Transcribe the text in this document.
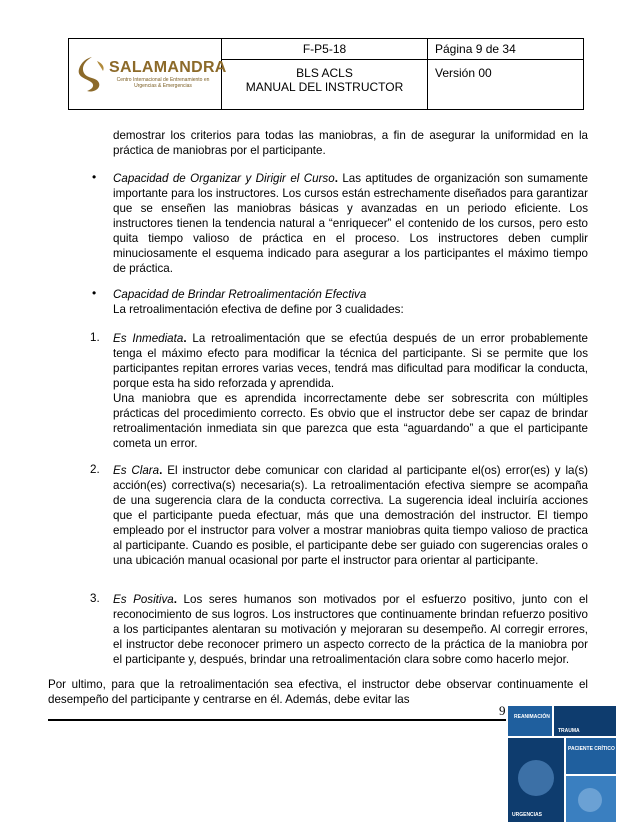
SALAMANDRA
Centro Internacional de Entrenamiento en Urgencias & Emergencias
F-P5-18	Página 9 de 34
BLS ACLS
MANUAL DEL INSTRUCTOR
Versión 00

demostrar los criterios para todas las maniobras, a fin de asegurar la uniformidad en la práctica de maniobras por el participante.

• Capacidad de Organizar y Dirigir el Curso. Las aptitudes de organización son sumamente importante para los instructores. Los cursos están estrechamente diseñados para garantizar que se enseñen las maniobras básicas y avanzadas en un periodo eficiente. Los instructores tienen la tendencia natural a “enriquecer” el contenido de los cursos, pero esto quita tiempo valioso de práctica en el proceso. Los instructores deben cumplir minuciosamente el esquema indicado para asegurar a los participantes el máximo tiempo de práctica.

• Capacidad de Brindar Retroalimentación Efectiva
La retroalimentación efectiva de define por 3 cualidades:

1. Es Inmediata. La retroalimentación que se efectúa después de un error probablemente tenga el máximo efecto para modificar la técnica del participante. Si se permite que los participantes repitan errores varias veces, tendrá mas dificultad para modificar la conducta, porque esta ha sido reforzada y aprendida.
Una maniobra que es aprendida incorrectamente debe ser sobrescrita con múltiples prácticas del procedimiento correcto. Es obvio que el instructor debe ser capaz de brindar retroalimentación inmediata sin que parezca que esta “aguardando” a que el participante cometa un error.

2. Es Clara. El instructor debe comunicar con claridad al participante el(os) error(es) y la(s) acción(es) correctiva(s) necesaria(s). La retroalimentación efectiva siempre se acompaña de una sugerencia clara de la conducta correctiva. La sugerencia ideal incluiría acciones que el participante pueda efectuar, más que una demostración del instructor. El tiempo empleado por el instructor para volver a mostrar maniobras quita tiempo valioso de practica al participante. Cuando es posible, el participante debe ser guiado con sugerencias orales o una ubicación manual ocasional por parte el instructor para orientar al participante.

3. Es Positiva. Los seres humanos son motivados por el esfuerzo positivo, junto con el reconocimiento de sus logros. Los instructores que continuamente brindan refuerzo positivo a los participantes alentaran su motivación y mejoraran su desempeño. Al corregir errores, el instructor debe reconocer primero un aspecto correcto de la práctica de la maniobra por el participante y, después, brindar una retroalimentación clara sobre como hacerlo mejor.

Por ultimo, para que la retroalimentación sea efectiva, el instructor debe observar continuamente el desempeño del participante y centrarse en él. Además, debe evitar las

9 REANIMACIÓN
TRAUMA
PACIENTE CRÍTICO
URGENCIAS
